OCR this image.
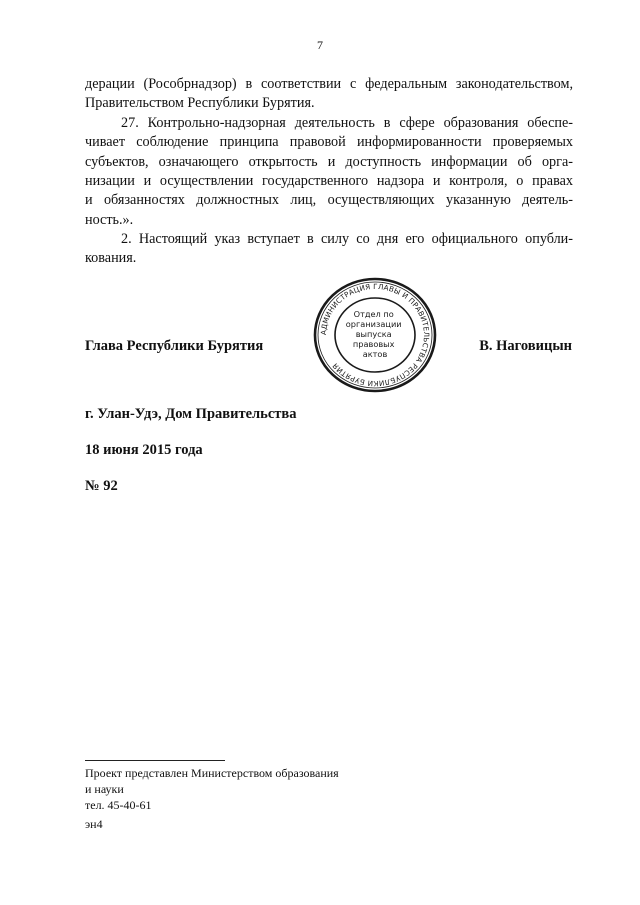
7
дерации (Рособрнадзор) в соответствии с федеральным законодательством,
Правительством Республики Бурятия.
27. Контрольно-надзорная деятельность в сфере образования обеспе-
чивает соблюдение принципа правовой информированности проверяемых
субъектов, означающего открытость и доступность информации об орга-
низации и осуществлении государственного надзора и контроля, о правах
и обязанностях должностных лиц, осуществляющих указанную деятель-
ность.».
2. Настоящий указ вступает в силу со дня его официального опубли-
кования.
Глава Республики Бурятия	В. Наговицын
АДМИНИСТРАЦИЯ ГЛАВЫ И ПРАВИТЕЛЬСТВА РЕСПУБЛИКИ БУРЯТИЯ
Отдел по организации выпуска правовых актов
г. Улан-Удэ, Дом Правительства
18 июня 2015 года
№ 92
Проект представлен Министерством образования
и науки
тел. 45-40-61
эн4
